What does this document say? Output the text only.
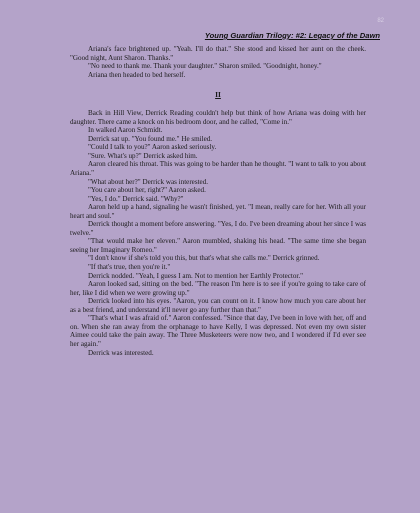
82
Young Guardian Trilogy: #2: Legacy of the Dawn

Ariana's face brightened up. "Yeah. I'll do that." She stood and kissed her aunt on the cheek. "Good night, Aunt Sharon. Thanks."

"No need to thank me. Thank your daughter." Sharon smiled. "Goodnight, honey."

Ariana then headed to bed herself.

II

Back in Hill View, Derrick Reading couldn't help but think of how Ariana was doing with her daughter. There came a knock on his bedroom door, and he called, "Come in."

In walked Aaron Schmidt.

Derrick sat up. "You found me." He smiled.

"Could I talk to you?" Aaron asked seriously.

"Sure. What's up?" Derrick asked him.

Aaron cleared his throat. This was going to be harder than he thought. "I want to talk to you about Ariana."

"What about her?" Derrick was interested.

"You care about her, right?" Aaron asked.

"Yes, I do." Derrick said. "Why?"

Aaron held up a hand, signaling he wasn't finished, yet. "I mean, really care for her. With all your heart and soul."

Derrick thought a moment before answering. "Yes, I do. I've been dreaming about her since I was twelve."

"That would make her eleven." Aaron mumbled, shaking his head. "The same time she began seeing her Imaginary Romeo."

"I don't know if she's told you this, but that's what she calls me." Derrick grinned.

"If that's true, then you're it."

Derrick nodded. "Yeah, I guess I am. Not to mention her Earthly Protector."

Aaron looked sad, sitting on the bed. "The reason I'm here is to see if you're going to take care of her, like I did when we were growing up."

Derrick looked into his eyes. "Aaron, you can count on it. I know how much you care about her as a best friend, and understand it'll never go any further than that."

"That's what I was afraid of." Aaron confessed. "Since that day, I've been in love with her, off and on. When she ran away from the orphanage to have Kelly, I was depressed. Not even my own sister Aimee could take the pain away. The Three Musketeers were now two, and I wondered if I'd ever see her again."

Derrick was interested.
